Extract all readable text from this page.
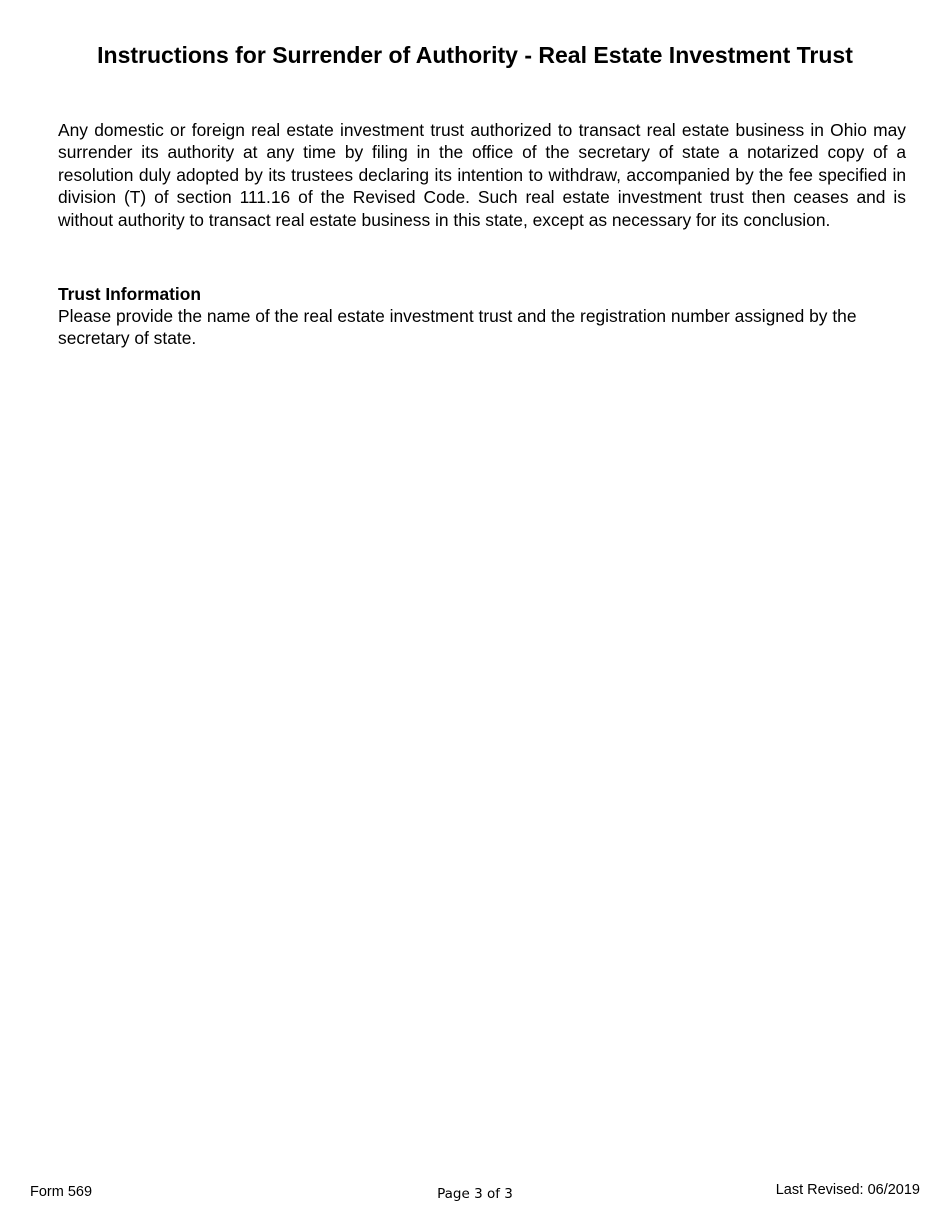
Instructions for Surrender of Authority - Real Estate Investment Trust

Any domestic or foreign real estate investment trust authorized to transact real estate business in Ohio may surrender its authority at any time by filing in the office of the secretary of state a notarized copy of a resolution duly adopted by its trustees declaring its intention to withdraw, accompanied by the fee specified in division (T) of section 111.16 of the Revised Code. Such real estate investment trust then ceases and is without authority to transact real estate business in this state, except as necessary for its conclusion.

Trust Information

Please provide the name of the real estate investment trust and the registration number assigned by the secretary of state.

Form 569	Page 3 of 3	Last Revised: 06/2019
